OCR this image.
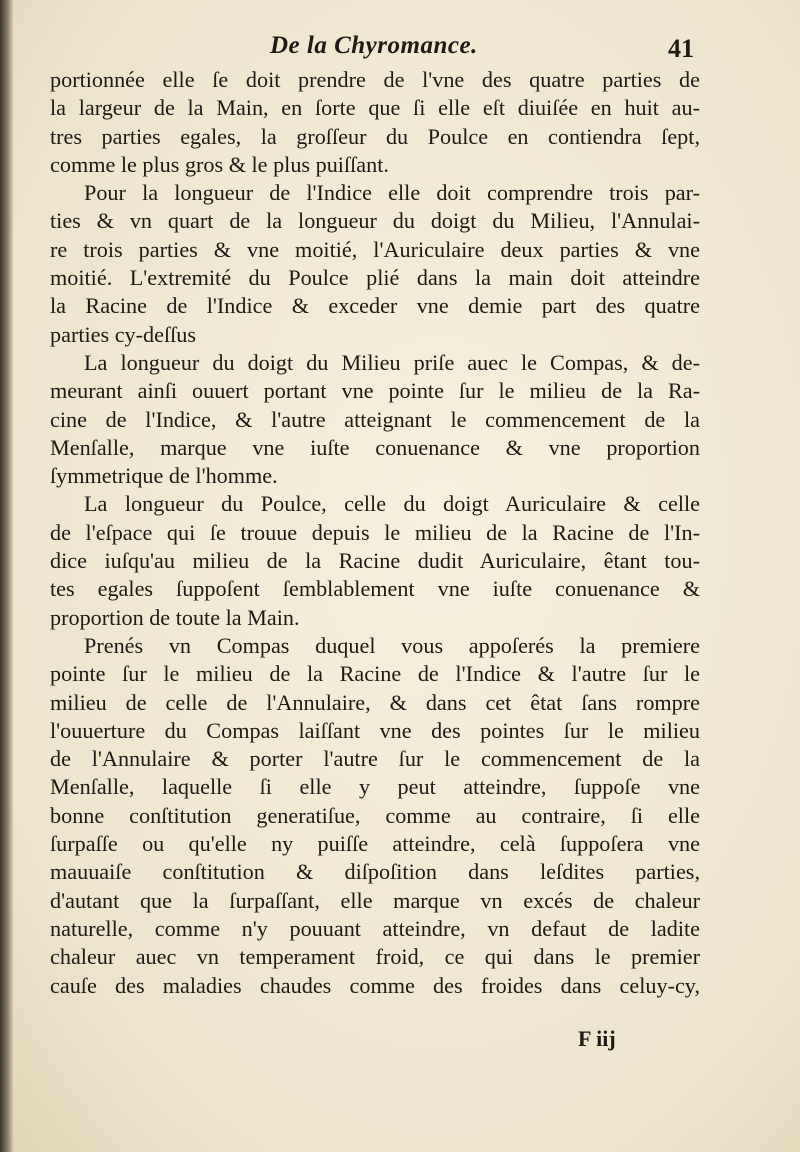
De la Chyromance.	41
portionnée elle ſe doit prendre de l'vne des quatre parties de
la largeur de la Main, en ſorte que ſi elle eſt diuiſée en huit au-
tres parties egales, la groſſeur du Poulce en contiendra ſept,
comme le plus gros & le plus puiſſant.
Pour la longueur de l'Indice elle doit comprendre trois par-
ties & vn quart de la longueur du doigt du Milieu, l'Annulai-
re trois parties & vne moitié, l'Auriculaire deux parties & vne
moitié. L'extremité du Poulce plié dans la main doit atteindre
la Racine de l'Indice & exceder vne demie part des quatre
parties cy-deſſus
La longueur du doigt du Milieu priſe auec le Compas, & de-
meurant ainſi ouuert portant vne pointe ſur le milieu de la Ra-
cine de l'Indice, & l'autre atteignant le commencement de la
Menſalle, marque vne iuſte conuenance & vne proportion
ſymmetrique de l'homme.
La longueur du Poulce, celle du doigt Auriculaire & celle
de l'eſpace qui ſe trouue depuis le milieu de la Racine de l'In-
dice iuſqu'au milieu de la Racine dudit Auriculaire, êtant tou-
tes egales ſuppoſent ſemblablement vne iuſte conuenance &
proportion de toute la Main.
Prenés vn Compas duquel vous appoſerés la premiere
pointe ſur le milieu de la Racine de l'Indice & l'autre ſur le
milieu de celle de l'Annulaire, & dans cet êtat ſans rompre
l'ouuerture du Compas laiſſant vne des pointes ſur le milieu
de l'Annulaire & porter l'autre ſur le commencement de la
Menſalle, laquelle ſi elle y peut atteindre, ſuppoſe vne
bonne conſtitution generatiſue, comme au contraire, ſi elle
ſurpaſſe ou qu'elle ny puiſſe atteindre, celà ſuppoſera vne
mauuaiſe conſtitution & diſpoſition dans leſdites parties,
d'autant que la ſurpaſſant, elle marque vn excés de chaleur
naturelle, comme n'y pouuant atteindre, vn defaut de ladite
chaleur auec vn temperament froid, ce qui dans le premier
cauſe des maladies chaudes comme des froides dans celuy-cy,
F iij
